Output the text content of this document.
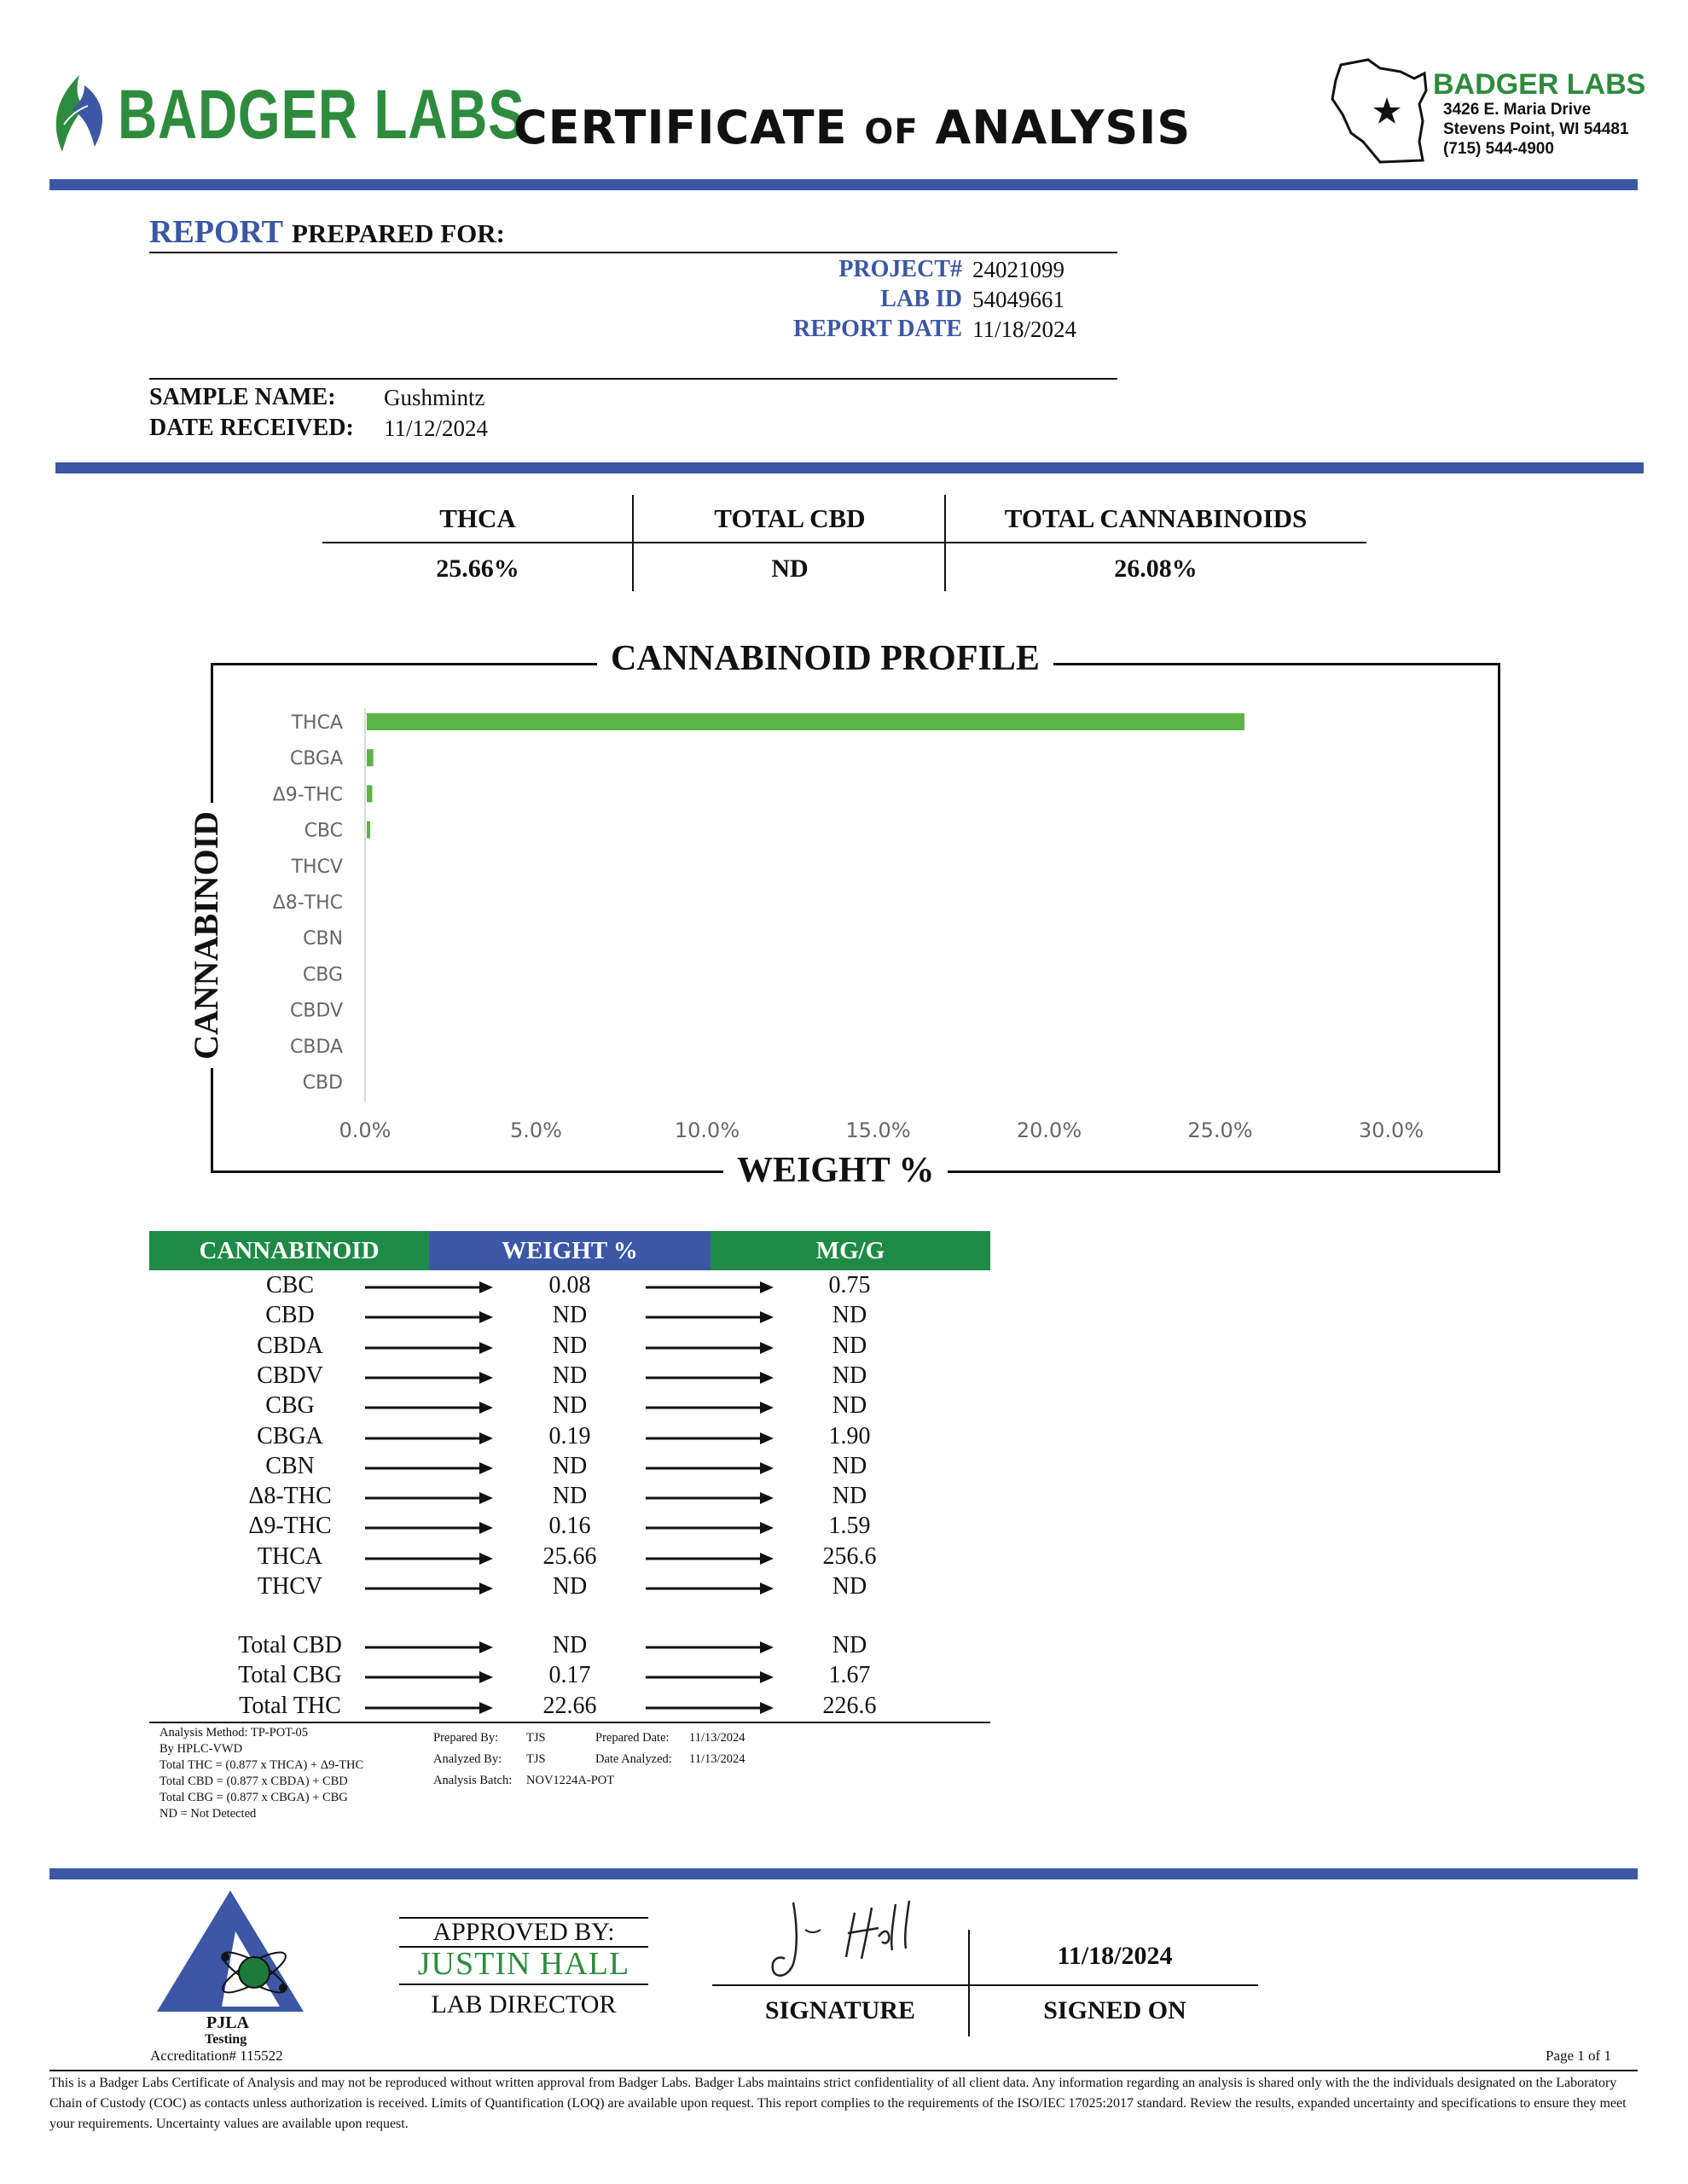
BADGER LABS
CERTIFICATE OF ANALYSIS
BADGER LABS
3426 E. Maria Drive
Stevens Point, WI 54481
(715) 544-4900
REPORT PREPARED FOR:
PROJECT# 24021099
LAB ID 54049661
REPORT DATE 11/18/2024
SAMPLE NAME: Gushmintz
DATE RECEIVED: 11/12/2024
THCA	TOTAL CBD	TOTAL CANNABINOIDS
25.66%	ND	26.08%
CANNABINOID PROFILE
CANNABINOID
WEIGHT %
THCA
CBGA
Δ9-THC
CBC
THCV
Δ8-THC
CBN
CBG
CBDV
CBDA
CBD
0.0%	5.0%	10.0%	15.0%	20.0%	25.0%	30.0%
CANNABINOID	WEIGHT %	MG/G
CBC	0.08	0.75
CBD	ND	ND
CBDA	ND	ND
CBDV	ND	ND
CBG	ND	ND
CBGA	0.19	1.90
CBN	ND	ND
Δ8-THC	ND	ND
Δ9-THC	0.16	1.59
THCA	25.66	256.6
THCV	ND	ND
Total CBD	ND	ND
Total CBG	0.17	1.67
Total THC	22.66	226.6
Analysis Method: TP-POT-05
By HPLC-VWD
Total THC = (0.877 x THCA) + Δ9-THC
Total CBD = (0.877 x CBDA) + CBD
Total CBG = (0.877 x CBGA) + CBG
ND = Not Detected
Prepared By: TJS
Analyzed By: TJS
Analysis Batch: NOV1224A-POT
Prepared Date: 11/13/2024
Date Analyzed: 11/13/2024
PJLA
Testing
Accreditation# 115522
APPROVED BY:
JUSTIN HALL
LAB DIRECTOR	SIGNATURE
11/18/2024
SIGNED ON
Page 1 of 1
This is a Badger Labs Certificate of Analysis and may not be reproduced without written approval from Badger Labs. Badger Labs maintains strict confidentiality of all client data. Any information regarding an analysis is shared only with the the individuals designated on the Laboratory Chain of Custody (COC) as contacts unless authorization is received. Limits of Quantification (LOQ) are available upon request. This report complies to the requirements of the ISO/IEC 17025:2017 standard. Review the results, expanded uncertainty and specifications to ensure they meet your requirements. Uncertainty values are available upon request.
